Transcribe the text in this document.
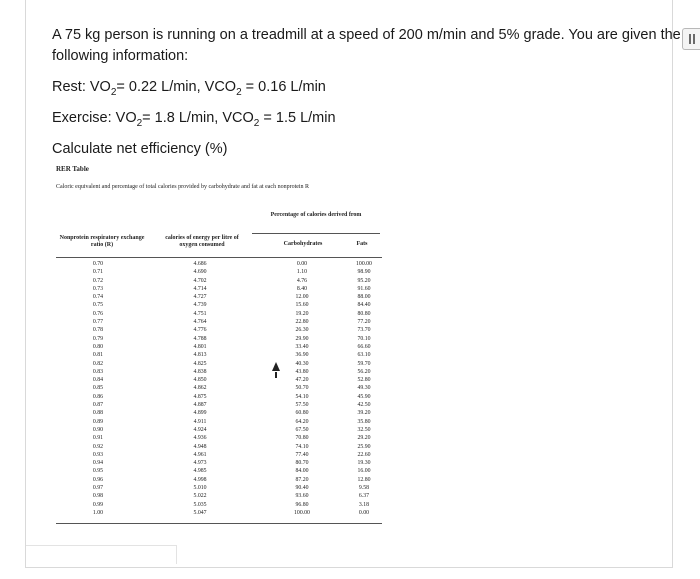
A 75 kg person is running on a treadmill at a speed of 200 m/min and 5% grade. You are given the

following information:

Rest: $VO_2= 0.22$ L/min, $VCO_2 = 0.16$ L/min

Exercise: $VO_2= 1.8$ L/min, $VCO_2 = 1.5$ L/min

Calculate net efficiency (%)

RER Table
Caloric equivalent and percentage of total calories provided by carbohydrate and fat at each nonprotein R
Percentage of calories derived from
Nonprotein respiratory exchange ratio (R)
calories of energy per litre of oxygen consumed	Carbohydrates	Fats
0.70
0.71
0.72
0.73
0.74
0.75
0.76
0.77
0.78
0.79
0.80
0.81
0.82
0.83
0.84
0.85
0.86
0.87
0.88
0.89
0.90
0.91
0.92
0.93
0.94
0.95
0.96
0.97
0.98
0.99
1.00
4.686
4.690
4.702
4.714
4.727
4.739
4.751
4.764
4.776
4.788
4.801
4.813
4.825
4.838
4.850
4.862
4.875
4.887
4.899
4.911
4.924
4.936
4.948
4.961
4.973
4.985
4.998
5.010
5.022
5.035
5.047
0.00
1.10
4.76
8.40
12.00
15.60
19.20
22.80
26.30
29.90
33.40
36.90
40.30
43.80
47.20
50.70
54.10
57.50
60.80
64.20
67.50
70.80
74.10
77.40
80.70
84.00
87.20
90.40
93.60
96.80
100.00
100.00
98.90
95.20
91.60
88.00
84.40
80.80
77.20
73.70
70.10
66.60
63.10
59.70
56.20
52.80
49.30
45.90
42.50
39.20
35.80
32.50
29.20
25.90
22.60
19.30
16.00
12.80
9.58
6.37
3.18
0.00
